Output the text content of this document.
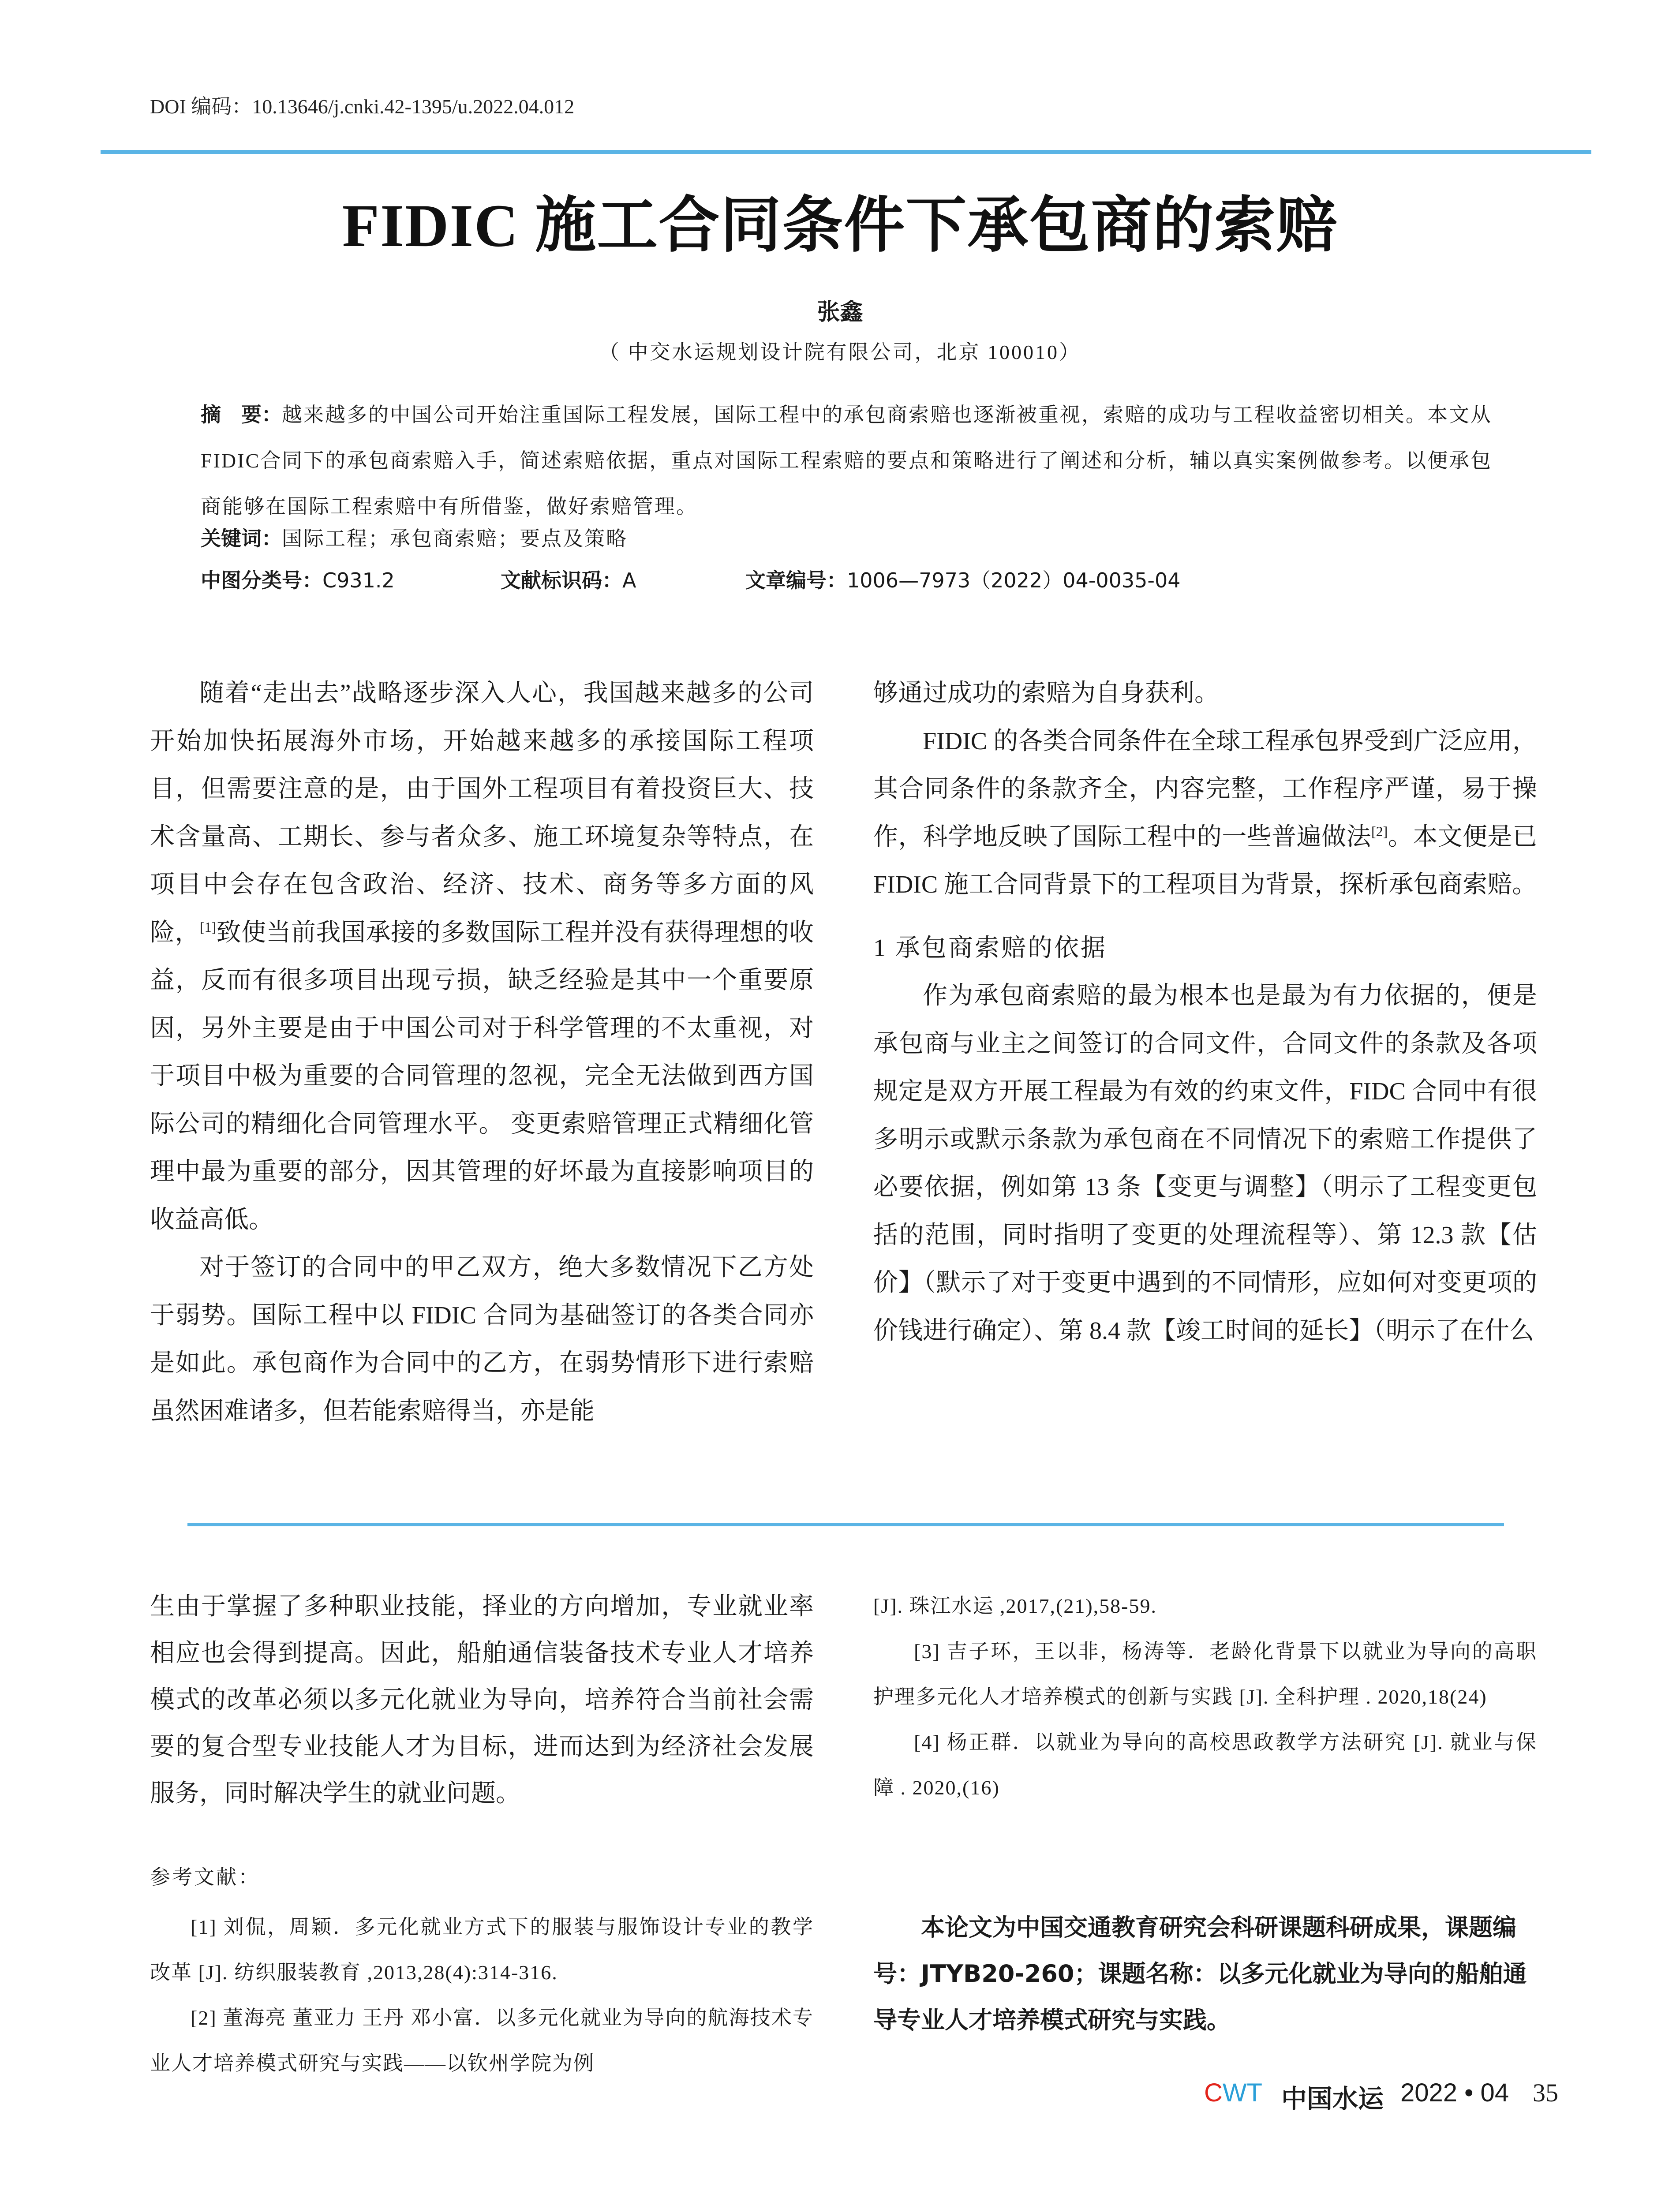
DOI 编码：10.13646/j.cnki.42-1395/u.2022.04.012
FIDIC 施工合同条件下承包商的索赔
张鑫
（ 中交水运规划设计院有限公司，北京 100010）
摘　要：越来越多的中国公司开始注重国际工程发展，国际工程中的承包商索赔也逐渐被重视，索赔的成功与工程收益密切相关。本文从FIDIC合同下的承包商索赔入手，简述索赔依据，重点对国际工程索赔的要点和策略进行了阐述和分析，辅以真实案例做参考。以便承包商能够在国际工程索赔中有所借鉴，做好索赔管理。
关键词：国际工程；承包商索赔；要点及策略
中图分类号：C931.2	文献标识码：A	文章编号：1006—7973（2022）04-0035-04

随着“走出去”战略逐步深入人心，我国越来越多的公司开始加快拓展海外市场，开始越来越多的承接国际工程项目，但需要注意的是，由于国外工程项目有着投资巨大、技术含量高、工期长、参与者众多、施工环境复杂等特点，在项目中会存在包含政治、经济、技术、商务等多方面的风险，[1]致使当前我国承接的多数国际工程并没有获得理想的收益，反而有很多项目出现亏损，缺乏经验是其中一个重要原因，另外主要是由于中国公司对于科学管理的不太重视，对于项目中极为重要的合同管理的忽视，完全无法做到西方国际公司的精细化合同管理水平。 变更索赔管理正式精细化管理中最为重要的部分，因其管理的好坏最为直接影响项目的收益高低。

对于签订的合同中的甲乙双方，绝大多数情况下乙方处于弱势。国际工程中以 FIDIC 合同为基础签订的各类合同亦是如此。承包商作为合同中的乙方，在弱势情形下进行索赔虽然困难诸多，但若能索赔得当，亦是能

够通过成功的索赔为自身获利。

FIDIC 的各类合同条件在全球工程承包界受到广泛应用，其合同条件的条款齐全，内容完整，工作程序严谨，易于操作，科学地反映了国际工程中的一些普遍做法[2]。本文便是已 FIDIC 施工合同背景下的工程项目为背景，探析承包商索赔。

1 承包商索赔的依据

作为承包商索赔的最为根本也是最为有力依据的，便是承包商与业主之间签订的合同文件，合同文件的条款及各项规定是双方开展工程最为有效的约束文件，FIDC 合同中有很多明示或默示条款为承包商在不同情况下的索赔工作提供了必要依据，例如第 13 条【变更与调整】（明示了工程变更包括的范围，同时指明了变更的处理流程等）、第 12.3 款【估价】（默示了对于变更中遇到的不同情形，应如何对变更项的价钱进行确定）、第 8.4 款【竣工时间的延长】（明示了在什么

生由于掌握了多种职业技能，择业的方向增加，专业就业率相应也会得到提高。因此，船舶通信装备技术专业人才培养模式的改革必须以多元化就业为导向，培养符合当前社会需要的复合型专业技能人才为目标，进而达到为经济社会发展服务，同时解决学生的就业问题。
参考文献：

[1] 刘侃，周颖．多元化就业方式下的服装与服饰设计专业的教学改革 [J]. 纺织服装教育 ,2013,28(4):314-316.

[2] 董海亮 董亚力 王丹 邓小富．以多元化就业为导向的航海技术专业人才培养模式研究与实践——以钦州学院为例

[J]. 珠江水运 ,2017,(21),58-59.

[3] 吉子环，王以非，杨涛等．老龄化背景下以就业为导向的高职护理多元化人才培养模式的创新与实践 [J]. 全科护理 . 2020,18(24)

[4] 杨正群．以就业为导向的高校思政教学方法研究 [J]. 就业与保障 . 2020,(16)

本论文为中国交通教育研究会科研课题科研成果，课题编号：JTYB20-260；课题名称：以多元化就业为导向的船舶通导专业人才培养模式研究与实践。
CWT 中国水运 2022 • 04 35
